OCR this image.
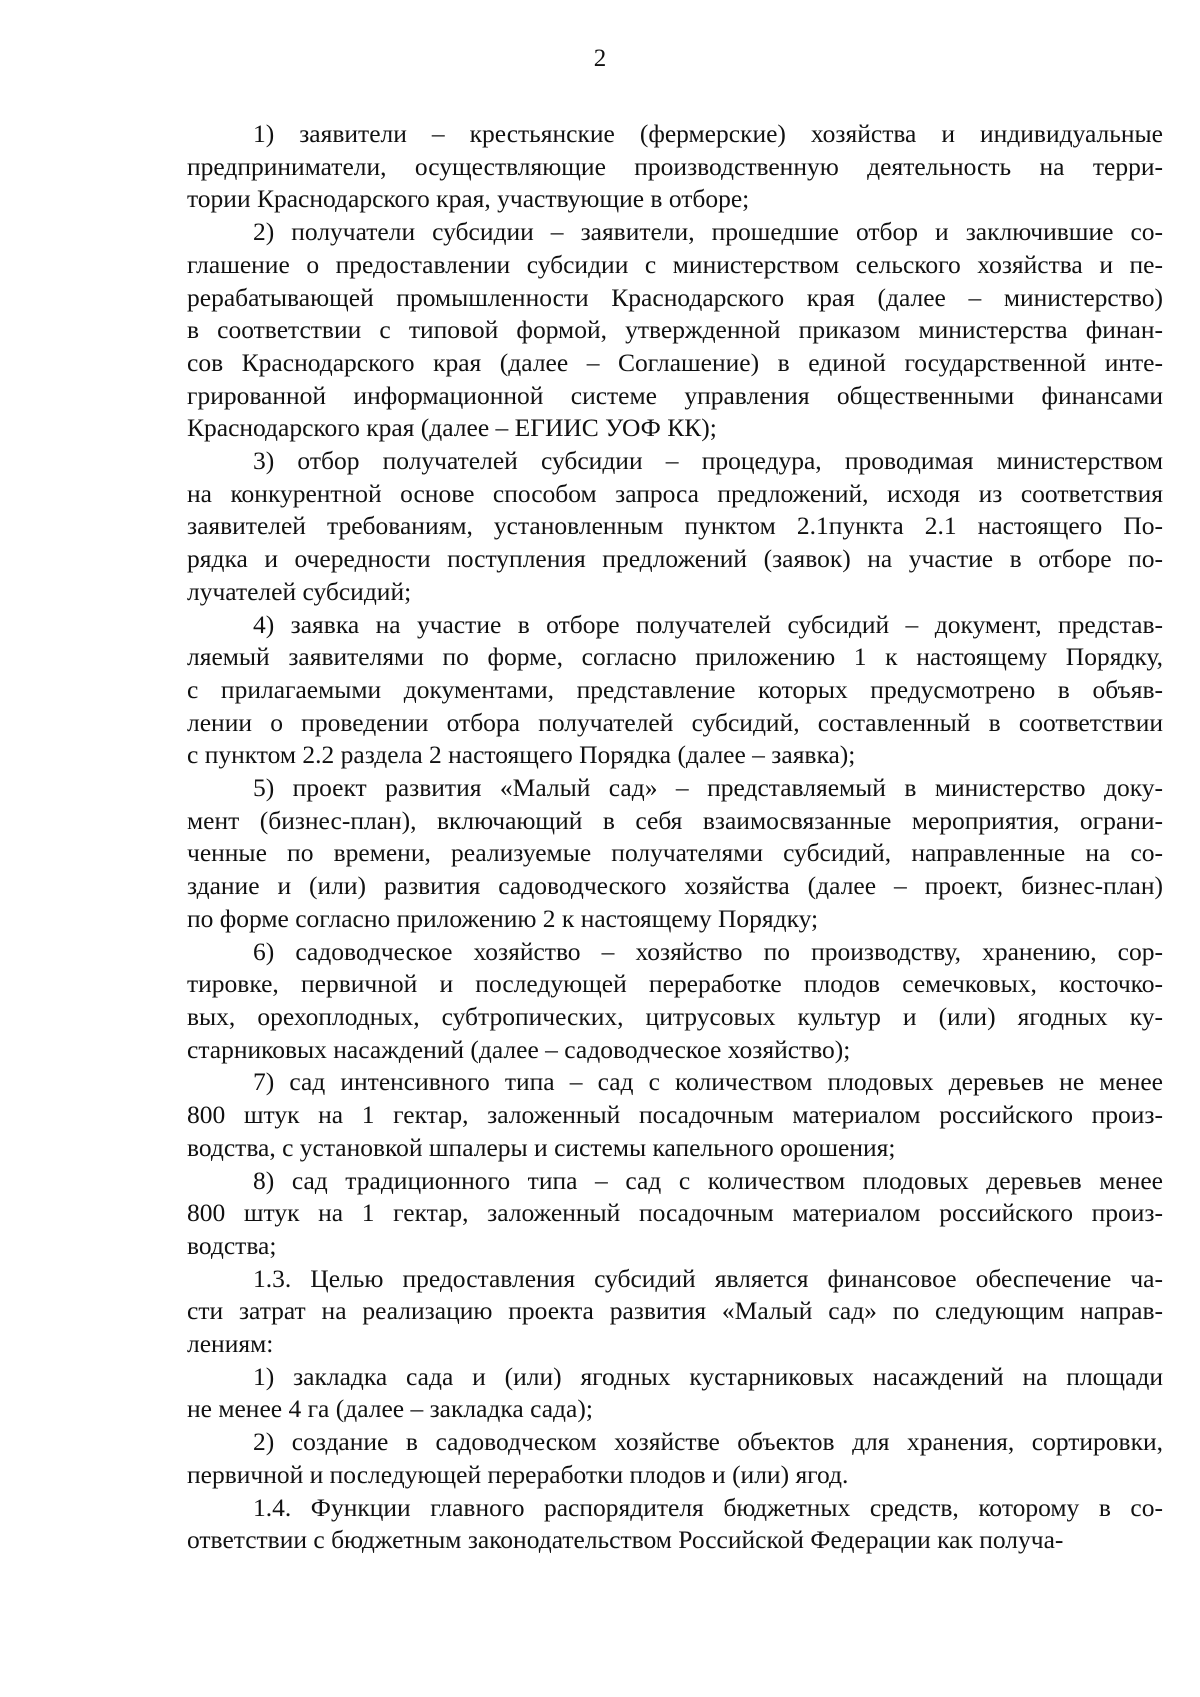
2

1) заявители – крестьянские (фермерские) хозяйства и индивидуальные
предприниматели, осуществляющие производственную деятельность на терри-
тории Краснодарского края, участвующие в отборе;

2) получатели субсидии – заявители, прошедшие отбор и заключившие со-
глашение о предоставлении субсидии с министерством сельского хозяйства и пе-
рерабатывающей промышленности Краснодарского края (далее – министерство)
в соответствии с типовой формой, утвержденной приказом министерства финан-
сов Краснодарского края (далее – Соглашение) в единой государственной инте-
грированной информационной системе управления общественными финансами
Краснодарского края (далее – ЕГИИС УОФ КК);

3) отбор получателей субсидии – процедура, проводимая министерством
на конкурентной основе способом запроса предложений, исходя из соответствия
заявителей требованиям, установленным пунктом 2.1пункта 2.1 настоящего По-
рядка и очередности поступления предложений (заявок) на участие в отборе по-
лучателей субсидий;

4) заявка на участие в отборе получателей субсидий – документ, представ-
ляемый заявителями по форме, согласно приложению 1 к настоящему Порядку,
с прилагаемыми документами, представление которых предусмотрено в объяв-
лении о проведении отбора получателей субсидий, составленный в соответствии
с пунктом 2.2 раздела 2 настоящего Порядка (далее – заявка);

5) проект развития «Малый сад» – представляемый в министерство доку-
мент (бизнес-план), включающий в себя взаимосвязанные мероприятия, ограни-
ченные по времени, реализуемые получателями субсидий, направленные на со-
здание и (или) развития садоводческого хозяйства (далее – проект, бизнес-план)
по форме согласно приложению 2 к настоящему Порядку;

6) садоводческое хозяйство – хозяйство по производству, хранению, сор-
тировке, первичной и последующей переработке плодов семечковых, косточко-
вых, орехоплодных, субтропических, цитрусовых культур и (или) ягодных ку-
старниковых насаждений (далее – садоводческое хозяйство);

7) сад интенсивного типа – сад с количеством плодовых деревьев не менее
800 штук на 1 гектар, заложенный посадочным материалом российского произ-
водства, с установкой шпалеры и системы капельного орошения;

8) сад традиционного типа – сад с количеством плодовых деревьев менее
800 штук на 1 гектар, заложенный посадочным материалом российского произ-
водства;

1.3. Целью предоставления субсидий является финансовое обеспечение ча-
сти затрат на реализацию проекта развития «Малый сад» по следующим направ-
лениям:

1) закладка сада и (или) ягодных кустарниковых насаждений на площади
не менее 4 га (далее – закладка сада);

2) создание в садоводческом хозяйстве объектов для хранения, сортировки,
первичной и последующей переработки плодов и (или) ягод.

1.4. Функции главного распорядителя бюджетных средств, которому в со-
ответствии с бюджетным законодательством Российской Федерации как получа-
